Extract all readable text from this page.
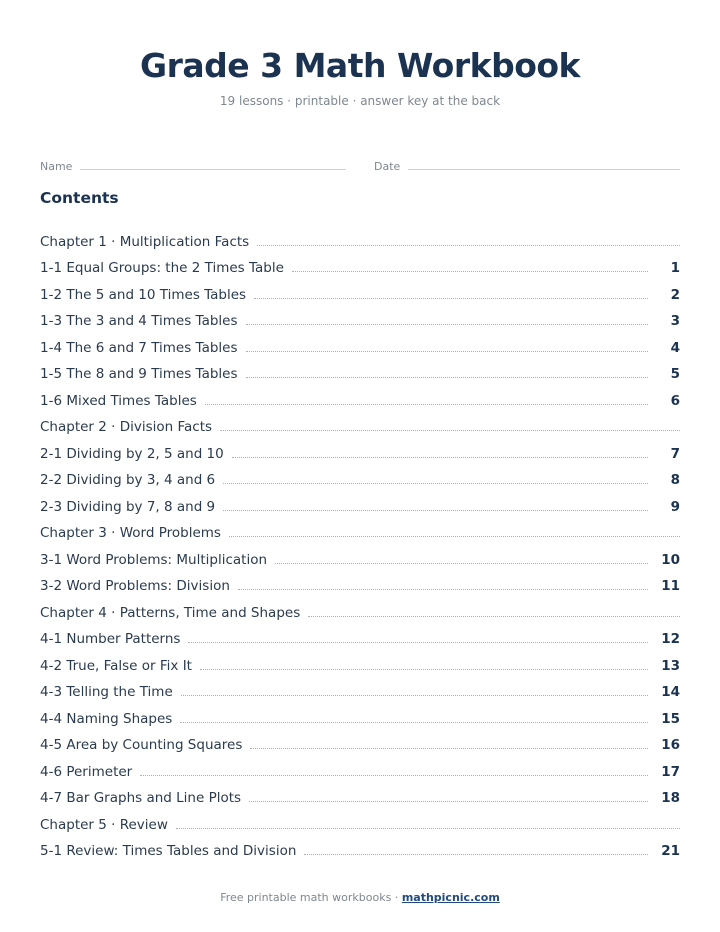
Grade 3 Math Workbook
19 lessons · printable · answer key at the back
Name	Date
Contents
Chapter 1 · Multiplication Facts
1-1 Equal Groups: the 2 Times Table	1
1-2 The 5 and 10 Times Tables	2
1-3 The 3 and 4 Times Tables	3
1-4 The 6 and 7 Times Tables	4
1-5 The 8 and 9 Times Tables	5
1-6 Mixed Times Tables	6
Chapter 2 · Division Facts
2-1 Dividing by 2, 5 and 10	7
2-2 Dividing by 3, 4 and 6	8
2-3 Dividing by 7, 8 and 9	9
Chapter 3 · Word Problems
3-1 Word Problems: Multiplication	10
3-2 Word Problems: Division	11
Chapter 4 · Patterns, Time and Shapes
4-1 Number Patterns	12
4-2 True, False or Fix It	13
4-3 Telling the Time	14
4-4 Naming Shapes	15
4-5 Area by Counting Squares	16
4-6 Perimeter	17
4-7 Bar Graphs and Line Plots	18
Chapter 5 · Review
5-1 Review: Times Tables and Division	21
Free printable math workbooks · mathpicnic.com
